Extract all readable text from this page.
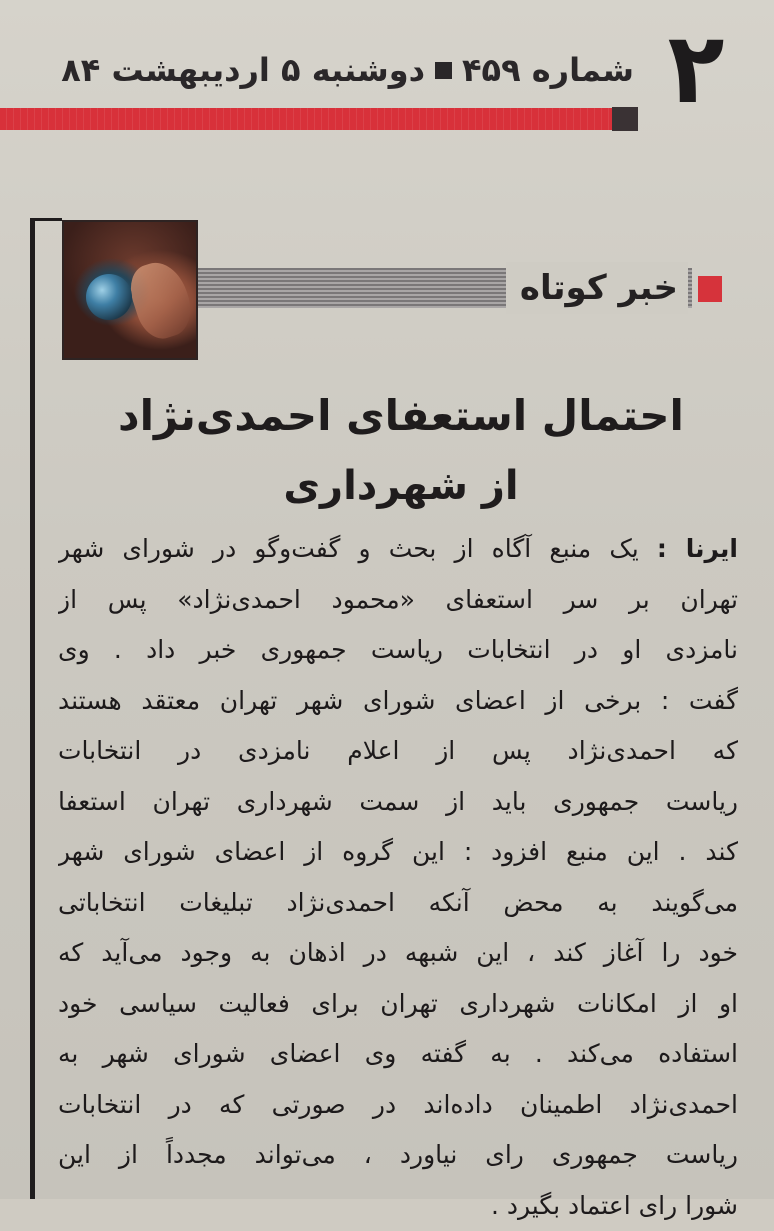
۲
شماره ۴۵۹دوشنبه ۵ اردیبهشت ۸۴
خبر کوتاه
احتمال استعفای احمدی‌نژاد
از شهرداری
ایرنا : یک منبع آگاه از بحث و گفت‌وگو در شورای شهر
تهران بر سر استعفای «محمود احمدی‌نژاد» پس از
نامزدی او در انتخابات ریاست جمهوری خبر داد . وی
گفت : برخی از اعضای شورای شهر تهران معتقد هستند
که احمدی‌نژاد پس از اعلام نامزدی در انتخابات
ریاست جمهوری باید از سمت شهرداری تهران استعفا
کند . این منبع افزود : این گروه از اعضای شورای شهر
می‌گویند به محض آنکه احمدی‌نژاد تبلیغات انتخاباتی
خود را آغاز کند ، این شبهه در اذهان به وجود می‌آید که
او از امکانات شهرداری تهران برای فعالیت سیاسی خود
استفاده می‌کند . به گفته وی اعضای شورای شهر به
احمدی‌نژاد اطمینان داده‌اند در صورتی که در انتخابات
ریاست جمهوری رای نیاورد ، می‌تواند مجدداً از این
شورا رای اعتماد بگیرد .
